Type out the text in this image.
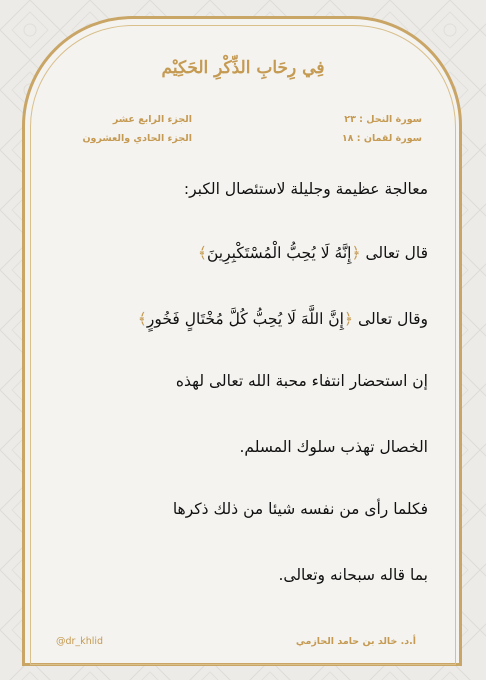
فِي رِحَابِ الذِّكْرِ الحَكِيْم
سورة النحل : ٢٣
سورة لقمان : ١٨
الجزء الرابع عشر
الجزء الحادي والعشرون
معالجة عظيمة وجليلة لاستئصال الكبر:
قال تعالى ﴿إِنَّهُ لَا يُحِبُّ الْمُسْتَكْبِرِينَ﴾
وقال تعالى ﴿إِنَّ اللَّهَ لَا يُحِبُّ كُلَّ مُخْتَالٍ فَخُورٍ﴾
إن استحضار انتفاء محبة الله تعالى لهذه
الخصال تهذب سلوك المسلم.
فكلما رأى من نفسه شيئا من ذلك ذكرها
بما قاله سبحانه وتعالى.
@dr_khlid	أ.د. خالد بن حامد الحازمي
